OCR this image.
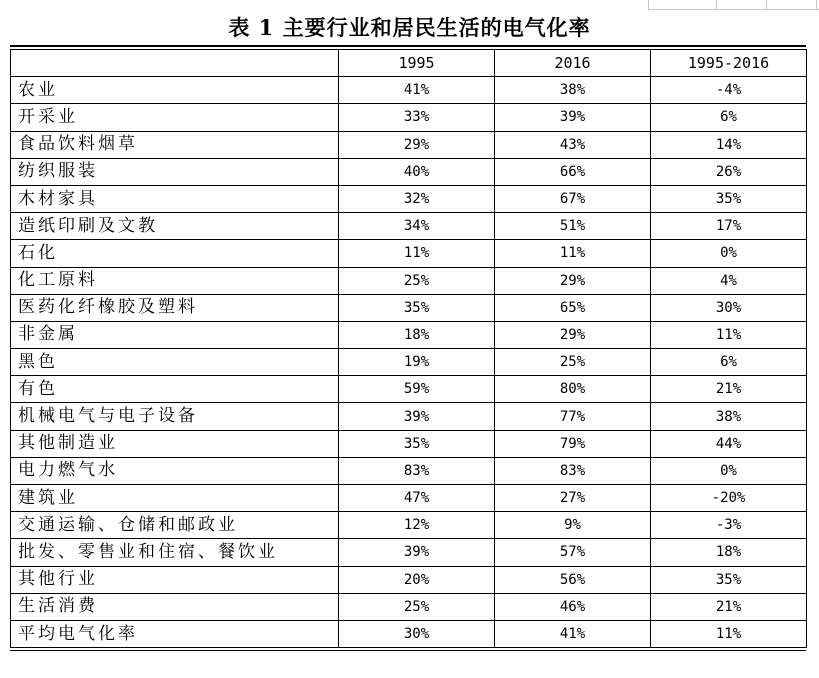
表 1 主要行业和居民生活的电气化率
	1995	2016	1995-2016
农业	41%	38%	-4%
开采业	33%	39%	6%
食品饮料烟草	29%	43%	14%
纺织服装	40%	66%	26%
木材家具	32%	67%	35%
造纸印刷及文教	34%	51%	17%
石化	11%	11%	0%
化工原料	25%	29%	4%
医药化纤橡胶及塑料	35%	65%	30%
非金属	18%	29%	11%
黑色	19%	25%	6%
有色	59%	80%	21%
机械电气与电子设备	39%	77%	38%
其他制造业	35%	79%	44%
电力燃气水	83%	83%	0%
建筑业	47%	27%	-20%
交通运输、仓储和邮政业	12%	9%	-3%
批发、零售业和住宿、餐饮业	39%	57%	18%
其他行业	20%	56%	35%
生活消费	25%	46%	21%
平均电气化率	30%	41%	11%
